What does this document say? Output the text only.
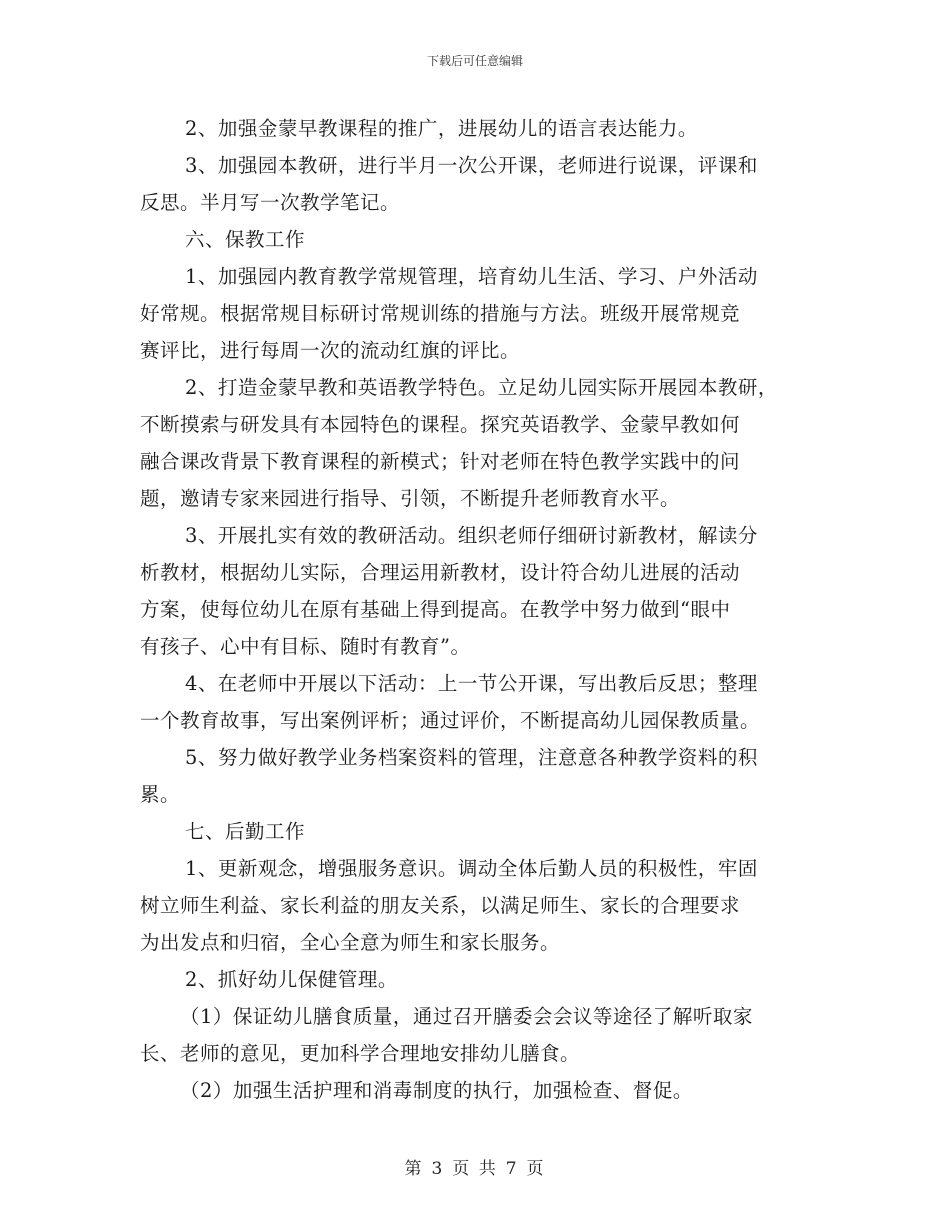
下载后可任意编辑
2、加强金蒙早教课程的推广，进展幼儿的语言表达能力。
3、加强园本教研，进行半月一次公开课，老师进行说课，评课和
反思。半月写一次教学笔记。
六、保教工作
1、加强园内教育教学常规管理，培育幼儿生活、学习、户外活动
好常规。根据常规目标研讨常规训练的措施与方法。班级开展常规竞
赛评比，进行每周一次的流动红旗的评比。
2、打造金蒙早教和英语教学特色。立足幼儿园实际开展园本教研，
不断摸索与研发具有本园特色的课程。探究英语教学、金蒙早教如何
融合课改背景下教育课程的新模式；针对老师在特色教学实践中的问
题，邀请专家来园进行指导、引领，不断提升老师教育水平。
3、开展扎实有效的教研活动。组织老师仔细研讨新教材，解读分
析教材，根据幼儿实际，合理运用新教材，设计符合幼儿进展的活动
方案，使每位幼儿在原有基础上得到提高。在教学中努力做到“眼中
有孩子、心中有目标、随时有教育”。
4、在老师中开展以下活动：上一节公开课，写出教后反思；整理
一个教育故事，写出案例评析；通过评价，不断提高幼儿园保教质量。
5、努力做好教学业务档案资料的管理，注意意各种教学资料的积
累。
七、后勤工作
1、更新观念，增强服务意识。调动全体后勤人员的积极性，牢固
树立师生利益、家长利益的朋友关系，以满足师生、家长的合理要求
为出发点和归宿，全心全意为师生和家长服务。
2、抓好幼儿保健管理。
（1）保证幼儿膳食质量，通过召开膳委会会议等途径了解听取家
长、老师的意见，更加科学合理地安排幼儿膳食。
（2）加强生活护理和消毒制度的执行，加强检查、督促。
第 3 页 共 7 页
